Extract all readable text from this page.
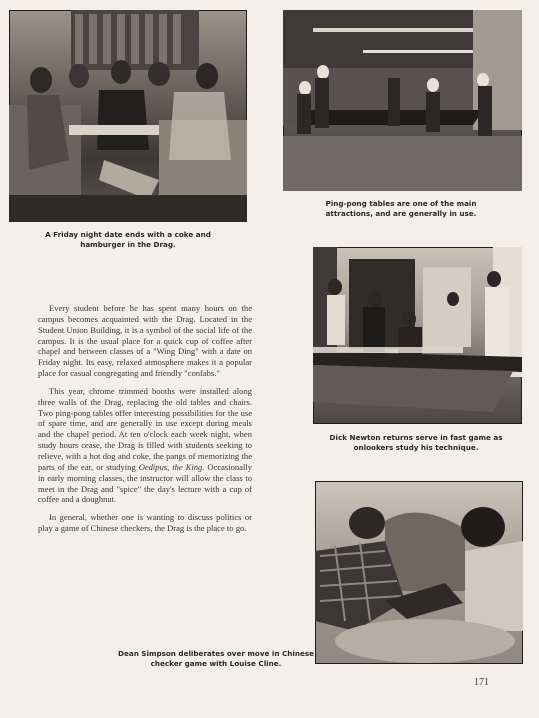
A Friday night date ends with a coke and hamburger in the Drag.
Ping-pong tables are one of the main attractions, and are generally in use.
Dick Newton returns serve in fast game as onlookers study his technique.
Dean Simpson deliberates over move in Chinese checker game with Louise Cline.

Every student before he has spent many hours on the campus becomes acquainted with the Drag. Located in the Student Union Building, it is a symbol of the social life of the campus. It is the usual place for a quick cup of coffee after chapel and between classes of a "Wing Ding" with a date on Friday night. Its easy, relaxed atmosphere makes it a popular place for casual congregating and friendly "confabs."

This year, chrome trimmed booths were installed along three walls of the Drag, replacing the old tables and chairs. Two ping-pong tables offer interesting possibilities for the use of spare time, and are generally in use except during meals and the chapel period. At ten o'clock each week night, when study hours cease, the Drag is filled with students seeking to relieve, with a hot dog and coke, the pangs of memorizing the parts of the ear, or studying Oedipus, the King. Occasionally in early morning classes, the instructor will allow the class to meet in the Drag and "spice" the day's lecture with a cup of coffee and a doughnut.

In general, whether one is wanting to discuss politics or play a game of Chinese checkers, the Drag is the place to go.

171
